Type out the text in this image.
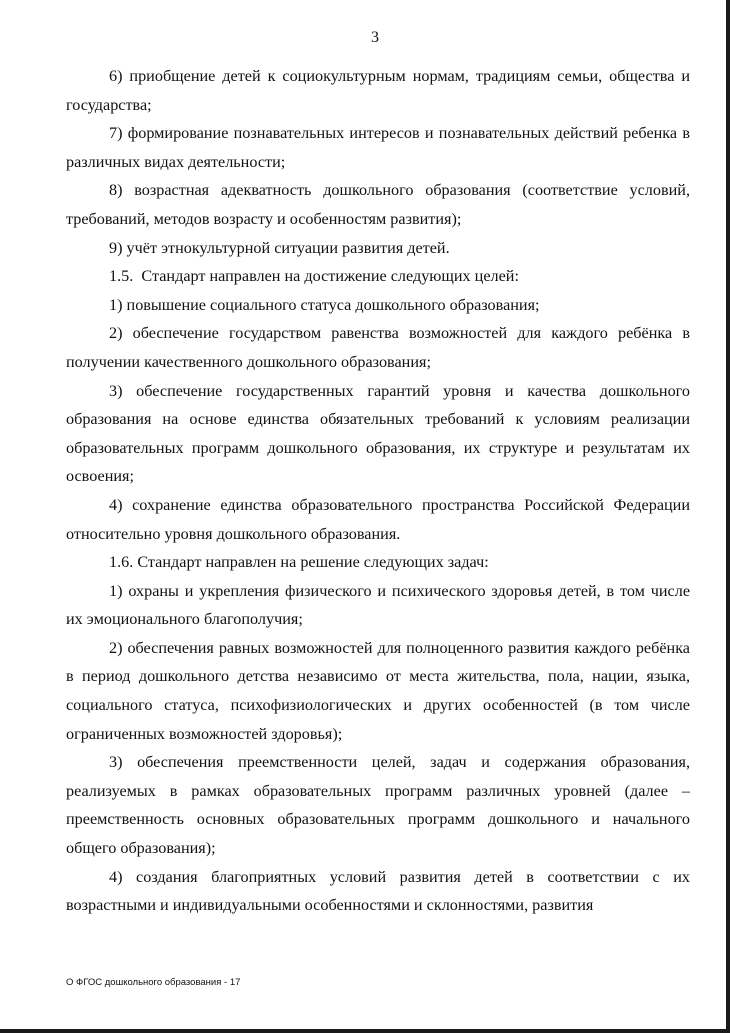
3

6) приобщение детей к социокультурным нормам, традициям семьи, общества и государства;

7) формирование познавательных интересов и познавательных действий ребенка в различных видах деятельности;

8) возрастная адекватность дошкольного образования (соответствие условий, требований, методов возрасту и особенностям развития);

9) учёт этнокультурной ситуации развития детей.

1.5.  Стандарт направлен на достижение следующих целей:

1) повышение социального статуса дошкольного образования;

2) обеспечение государством равенства возможностей для каждого ребёнка в получении качественного дошкольного образования;

3) обеспечение государственных гарантий уровня и качества дошкольного образования на основе единства обязательных требований к условиям реализации образовательных программ дошкольного образования, их структуре и результатам их освоения;

4) сохранение единства образовательного пространства Российской Федерации относительно уровня дошкольного образования.

1.6. Стандарт направлен на решение следующих задач:

1) охраны и укрепления физического и психического здоровья детей, в том числе их эмоционального благополучия;

2) обеспечения равных возможностей для полноценного развития каждого ребёнка в период дошкольного детства независимо от места жительства, пола, нации, языка, социального статуса, психофизиологических и других особенностей (в том числе ограниченных возможностей здоровья);

3) обеспечения преемственности целей, задач и содержания образования, реализуемых в рамках образовательных программ различных уровней (далее – преемственность основных образовательных программ дошкольного и начального общего образования);

4) создания благоприятных условий развития детей в соответствии с их возрастными и индивидуальными особенностями и склонностями, развития

О ФГОС дошкольного образования - 17
